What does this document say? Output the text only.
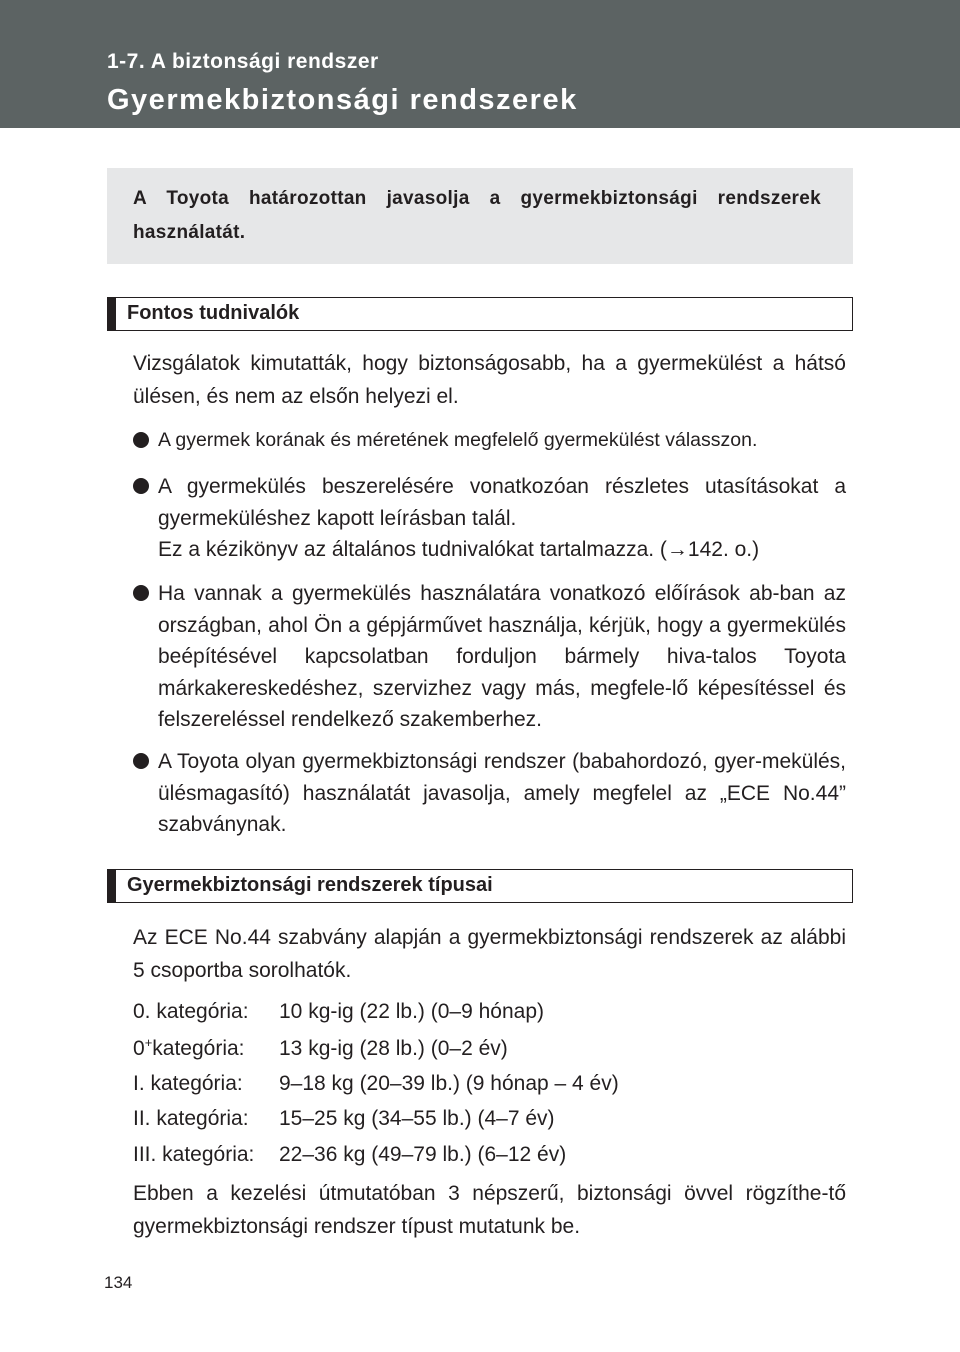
1-7. A biztonsági rendszer

Gyermekbiztonsági rendszerek

A Toyota határozottan javasolja a gyermekbiztonsági rendszerek használatát.

Fontos tudnivalók

Vizsgálatok kimutatták, hogy biztonságosabb, ha a gyermekülést a hátsó ülésen, és nem az elsőn helyezi el.

A gyermek korának és méretének megfelelő gyermekülést válasszon.
A gyermekülés beszerelésére vonatkozóan részletes utasításokat a gyermeküléshez kapott leírásban talál.
Ez a kézikönyv az általános tudnivalókat tartalmazza. (→142. o.)
Ha vannak a gyermekülés használatára vonatkozó előírások ab-ban az országban, ahol Ön a gépjárművet használja, kérjük, hogy a gyermekülés beépítésével kapcsolatban forduljon bármely hiva-talos Toyota márkakereskedéshez, szervizhez vagy más, megfele-lő képesítéssel és felszereléssel rendelkező szakemberhez.
A Toyota olyan gyermekbiztonsági rendszer (babahordozó, gyer-mekülés, ülésmagasító) használatát javasolja, amely megfelel az „ECE No.44” szabványnak.
Gyermekbiztonsági rendszerek típusai

Az ECE No.44 szabvány alapján a gyermekbiztonsági rendszerek az alábbi 5 csoportba sorolhatók.

0. kategória: 10 kg-ig (22 lb.) (0–9 hónap)
0+kategória: 13 kg-ig (28 lb.) (0–2 év)
I. kategória: 9–18 kg (20–39 lb.) (9 hónap – 4 év)
II. kategória: 15–25 kg (34–55 lb.) (4–7 év)
III. kategória: 22–36 kg (49–79 lb.) (6–12 év)

Ebben a kezelési útmutatóban 3 népszerű, biztonsági övvel rögzíthe-tő gyermekbiztonsági rendszer típust mutatunk be.

134
